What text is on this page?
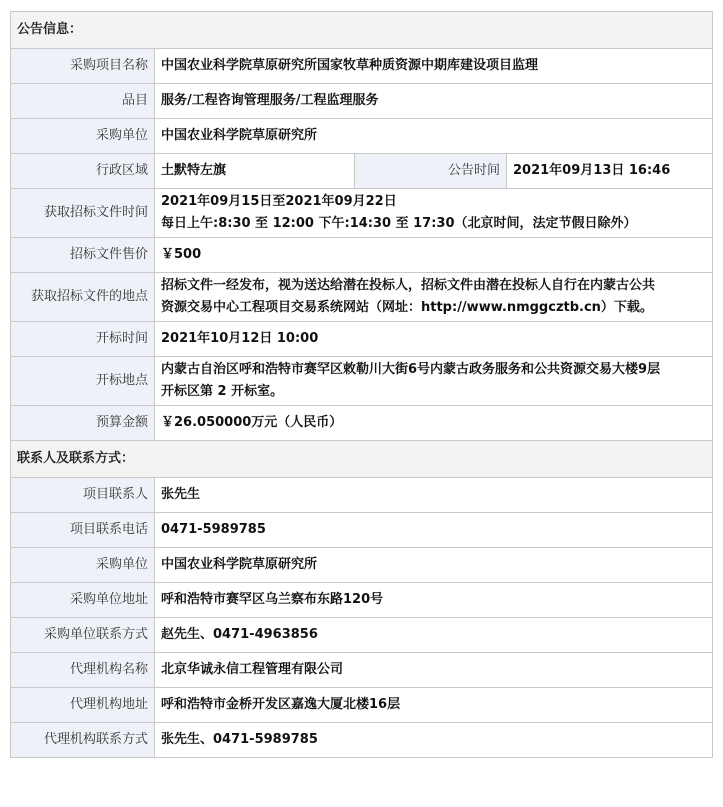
公告信息：			
采购项目名称	中国农业科学院草原研究所国家牧草种质资源中期库建设项目监理		
品目	服务/工程咨询管理服务/工程监理服务		
采购单位	中国农业科学院草原研究所		
行政区域	土默特左旗	公告时间	2021年09月13日 16:46
获取招标文件时间	2021年09月15日至2021年09月22日
每日上午:8:30 至 12:00 下午:14:30 至 17:30（北京时间，法定节假日除外）		

招标文件售价	￥500		
获取招标文件的地点	招标文件一经发布，视为送达给潜在投标人，招标文件由潜在投标人自行在内蒙古公共
资源交易中心工程项目交易系统网站（网址：http://www.nmggcztb.cn）下载。		

开标时间	2021年10月12日 10:00		
开标地点	内蒙古自治区呼和浩特市赛罕区敕勒川大街6号内蒙古政务服务和公共资源交易大楼9层
开标区第 2 开标室。		

预算金额	￥26.050000万元（人民币）		
联系人及联系方式：			
项目联系人	张先生		
项目联系电话	0471-5989785		
采购单位	中国农业科学院草原研究所		
采购单位地址	呼和浩特市赛罕区乌兰察布东路120号		
采购单位联系方式	赵先生、0471-4963856		
代理机构名称	北京华诚永信工程管理有限公司		
代理机构地址	呼和浩特市金桥开发区嘉逸大厦北楼16层		
代理机构联系方式	张先生、0471-5989785		
